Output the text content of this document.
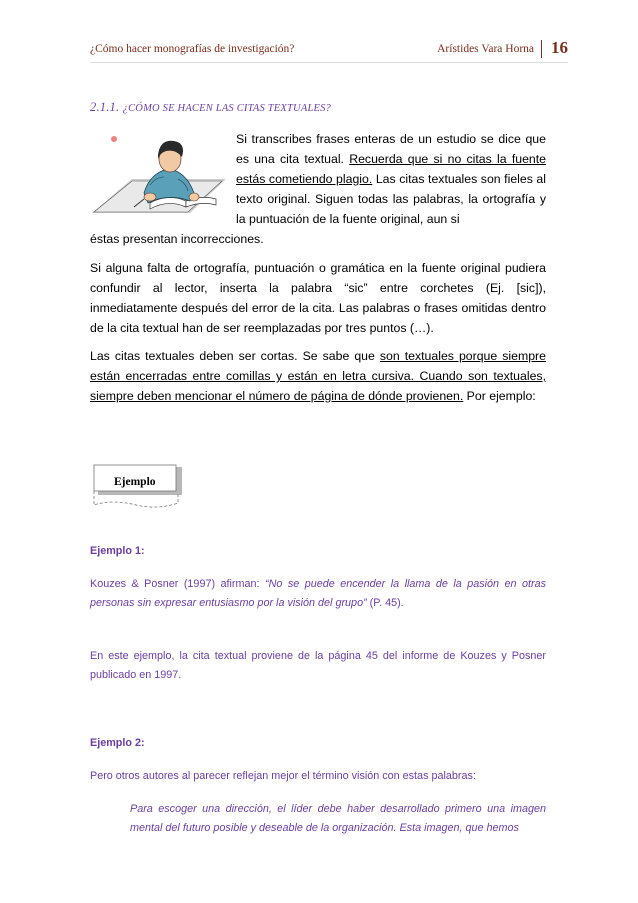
¿Cómo hacer monografías de investigación?	Arístides Vara Horna 16
2.1.1. ¿CÓMO SE HACEN LAS CITAS TEXTUALES?
Si transcribes frases enteras de un estudio se dice que es una cita textual. Recuerda que si no citas la fuente estás cometiendo plagio. Las citas textuales son fieles al texto original. Siguen todas las palabras, la ortografía y la puntuación de la fuente original, aun si

éstas presentan incorrecciones.

Si alguna falta de ortografía, puntuación o gramática en la fuente original pudiera confundir al lector, inserta la palabra “sic” entre corchetes (Ej. [sic]), inmediatamente después del error de la cita. Las palabras o frases omitidas dentro de la cita textual han de ser reemplazadas por tres puntos (…).

Las citas textuales deben ser cortas. Se sabe que son textuales porque siempre están encerradas entre comillas y están en letra cursiva. Cuando son textuales, siempre deben mencionar el número de página de dónde provienen. Por ejemplo:
Ejemplo
Ejemplo 1:
Kouzes & Posner (1997) afirman: “No se puede encender la llama de la pasión en otras personas sin expresar entusiasmo por la visión del grupo” (P. 45).

En este ejemplo, la cita textual proviene de la página 45 del informe de Kouzes y Posner publicado en 1997.

Ejemplo 2:

Pero otros autores al parecer reflejan mejor el término visión con estas palabras:

Para escoger una dirección, el líder debe haber desarrollado primero una imagen mental del futuro posible y deseable de la organización. Esta imagen, que hemos
